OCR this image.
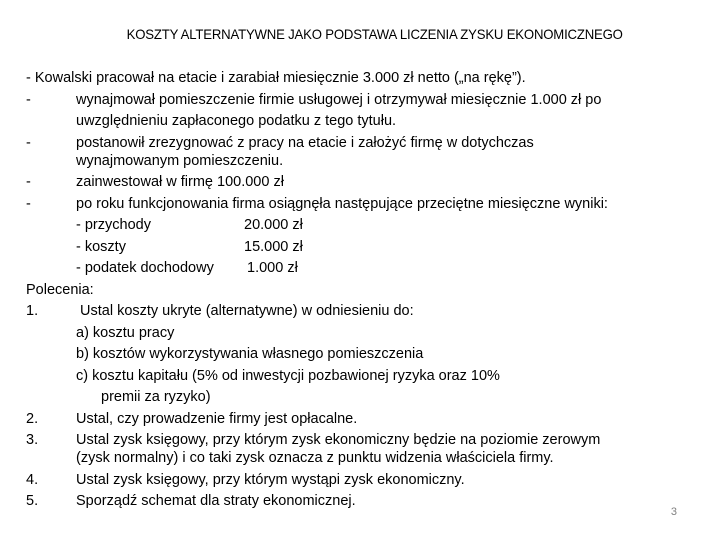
KOSZTY ALTERNATYWNE JAKO PODSTAWA LICZENIA ZYSKU EKONOMICZNEGO
- Kowalski pracował na etacie i zarabiał miesięcznie 3.000 zł netto („na rękę”).
-	wynajmował pomieszczenie firmie usługowej i otrzymywał miesięcznie 1.000 zł po
uwzględnieniu zapłaconego podatku z tego tytułu.
-	postanowił zrezygnować z pracy na etacie i założyć firmę w dotychczas
wynajmowanym pomieszczeniu.
-	zainwestował w firmę 100.000 zł
-	po roku funkcjonowania firma osiągnęła następujące przeciętne miesięczne wyniki:
- przychody	20.000 zł
- koszty	15.000 zł
- podatek dochodowy 1.000 zł
Polecenia:
1.	Ustal koszty ukryte (alternatywne) w odniesieniu do:
a) kosztu pracy
b) kosztów wykorzystywania własnego pomieszczenia
c) kosztu kapitału (5% od inwestycji pozbawionej ryzyka oraz 10%
premii za ryzyko)
2.	Ustal, czy prowadzenie firmy jest opłacalne.
3.	Ustal zysk księgowy, przy którym zysk ekonomiczny będzie na poziomie zerowym
(zysk normalny) i co taki zysk oznacza z punktu widzenia właściciela firmy.
4.	Ustal zysk księgowy, przy którym wystąpi zysk ekonomiczny.
5.	Sporządź schemat dla straty ekonomicznej.
3
